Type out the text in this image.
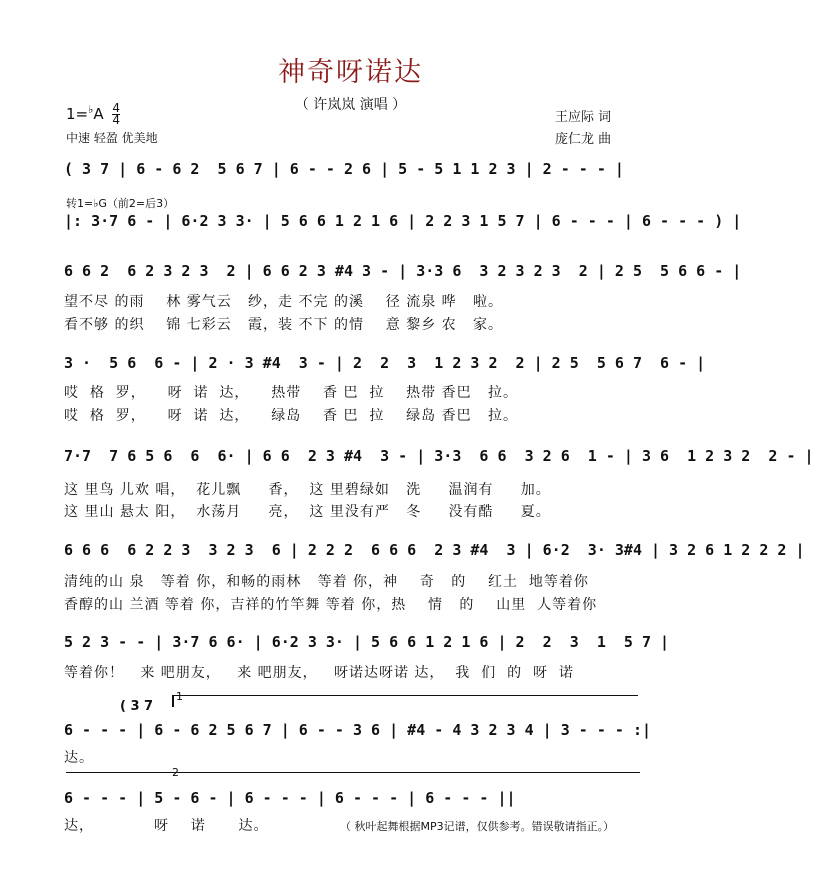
神奇呀诺达
（ 许岚岚 演唱 ）
$1=^♭A \frac{4}{4}$
中速 轻盈 优美地
王应际 词
庞仁龙 曲
( 3 7 | 6 - 6 2  5 6 7 | 6 - - 2 6 | 5 - 5 1 1 2 3 | 2 - - - |
转1=♭G（前2=后3）
|: 3·7 6 - | 6·2 3 3· | 5 6 6 1 2 1 6 | 2 2 3 1 5 7 | 6 - - - | 6 - - - ) |
6 6 2  6 2 3 2 3  2 | 6 6 2 3 #4 3 - | 3·3 6  3 2 3 2 3  2 | 2 5  5 6 6 - |
望不尽 的雨    林 雾气云   纱，走 不完 的溪    径 流泉 哗   啦。
看不够 的织    锦 七彩云   霞，装 不下 的情    意 黎乡 农   家。
3 ·  5 6  6 - | 2 · 3 #4  3 - | 2  2  3  1 2 3 2  2 | 2 5  5 6 7  6 - |
哎  格  罗，    呀  诺  达，    热带    香 巴  拉    热带 香巴   拉。
哎  格  罗，    呀  诺  达，    绿岛    香 巴  拉    绿岛 香巴   拉。
7·7  7 6 5 6  6  6· | 6 6  2 3 #4  3 - | 3·3  6 6  3 2 6  1 - | 3 6  1 2 3 2  2 - |
这 里鸟 儿欢 唱，  花儿飘     香，  这 里碧绿如   洗     温润有     加。
这 里山 悬太 阳，  水荡月     亮，  这 里没有严   冬     没有酷     夏。
6 6 6  6 2 2 3  3 2 3  6 | 2 2 2  6 6 6  2 3 #4  3 | 6·2  3· 3#4 | 3 2 6 1 2 2 2 |
清纯的山 泉   等着 你，和畅的雨林   等着 你，神    奇   的    红土  地等着你
香醇的山 兰酒 等着 你，吉祥的竹竿舞 等着 你，热    情   的    山里  人等着你
5 2 3 - - | 3·7 6 6· | 6·2 3 3· | 5 6 6 1 2 1 6 | 2  2  3  1  5 7 |
等着你！   来 吧朋友，   来 吧朋友，   呀诺达呀诺 达，  我  们  的  呀  诺
1
( 3 7
6 - - - | 6 - 6 2 5 6 7 | 6 - - 3 6 | #4 - 4 3 2 3 4 | 3 - - - :|
达。
2
6 - - - | 5 - 6 - | 6 - - - | 6 - - - | 6 - - - ||
达，           呀    诺      达。	（ 秋叶起舞根据MP3记谱，仅供参考。错误敬请指正。）
